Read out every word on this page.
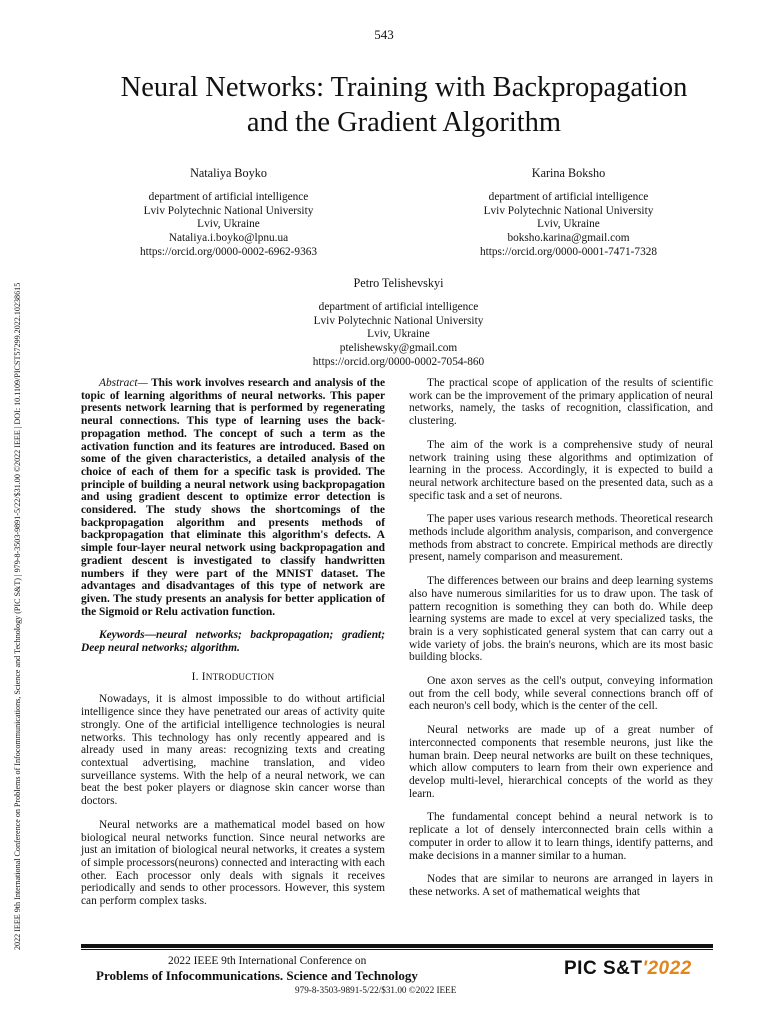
543
2022 IEEE 9th International Conference on Problems of Infocommunications, Science and Technology (PIC S&T) | 979-8-3503-9891-5/22/$31.00 ©2022 IEEE | DOI: 10.1109/PICST57299.2022.10238615
Neural Networks: Training with Backpropagation
and the Gradient Algorithm
Nataliya Boyko
department of artificial intelligence
Lviv Polytechnic National University
Lviv, Ukraine
Nataliya.i.boyko@lpnu.ua
https://orcid.org/0000-0002-6962-9363
Karina Boksho
department of artificial intelligence
Lviv Polytechnic National University
Lviv, Ukraine
boksho.karina@gmail.com
https://orcid.org/0000-0001-7471-7328
Petro Telishevskyi
department of artificial intelligence
Lviv Polytechnic National University
Lviv, Ukraine
ptelishewsky@gmail.com
https://orcid.org/0000-0002-7054-860

Abstract— This work involves research and analysis of the topic of learning algorithms of neural networks. This paper presents network learning that is performed by regenerating neural connections. This type of learning uses the back-propagation method. The concept of such a term as the activation function and its features are introduced. Based on some of the given characteristics, a detailed analysis of the choice of each of them for a specific task is provided. The principle of building a neural network using backpropagation and using gradient descent to optimize error detection is considered. The study shows the shortcomings of the backpropagation algorithm and presents methods of backpropagation that eliminate this algorithm's defects. A simple four-layer neural network using backpropagation and gradient descent is investigated to classify handwritten numbers if they were part of the MNIST dataset. The advantages and disadvantages of this type of network are given. The study presents an analysis for better application of the Sigmoid or Relu activation function.

Keywords—neural networks; backpropagation; gradient; Deep neural networks; algorithm.

I. INTRODUCTION

Nowadays, it is almost impossible to do without artificial intelligence since they have penetrated our areas of activity quite strongly. One of the artificial intelligence technologies is neural networks. This technology has only recently appeared and is already used in many areas: recognizing texts and creating contextual advertising, machine translation, and video surveillance systems. With the help of a neural network, we can beat the best poker players or diagnose skin cancer worse than doctors.

Neural networks are a mathematical model based on how biological neural networks function. Since neural networks are just an imitation of biological neural networks, it creates a system of simple processors(neurons) connected and interacting with each other. Each processor only deals with signals it receives periodically and sends to other processors. However, this system can perform complex tasks.

The practical scope of application of the results of scientific work can be the improvement of the primary application of neural networks, namely, the tasks of recognition, classification, and clustering.

The aim of the work is a comprehensive study of neural network training using these algorithms and optimization of learning in the process. Accordingly, it is expected to build a neural network architecture based on the presented data, such as a specific task and a set of neurons.

The paper uses various research methods. Theoretical research methods include algorithm analysis, comparison, and convergence methods from abstract to concrete. Empirical methods are directly present, namely comparison and measurement.

The differences between our brains and deep learning systems also have numerous similarities for us to draw upon. The task of pattern recognition is something they can both do. While deep learning systems are made to excel at very specialized tasks, the brain is a very sophisticated general system that can carry out a wide variety of jobs. the brain's neurons, which are its most basic building blocks.

One axon serves as the cell's output, conveying information out from the cell body, while several connections branch off of each neuron's cell body, which is the center of the cell.

Neural networks are made up of a great number of interconnected components that resemble neurons, just like the human brain. Deep neural networks are built on these techniques, which allow computers to learn from their own experience and develop multi-level, hierarchical concepts of the world as they learn.

The fundamental concept behind a neural network is to replicate a lot of densely interconnected brain cells within a computer in order to allow it to learn things, identify patterns, and make decisions in a manner similar to a human.

Nodes that are similar to neurons are arranged in layers in these networks. A set of mathematical weights that

2022 IEEE 9th International Conference on
Problems of Infocommunications. Science and Technology
979-8-3503-9891-5/22/$31.00 ©2022 IEEE
PIC S&T'2022
